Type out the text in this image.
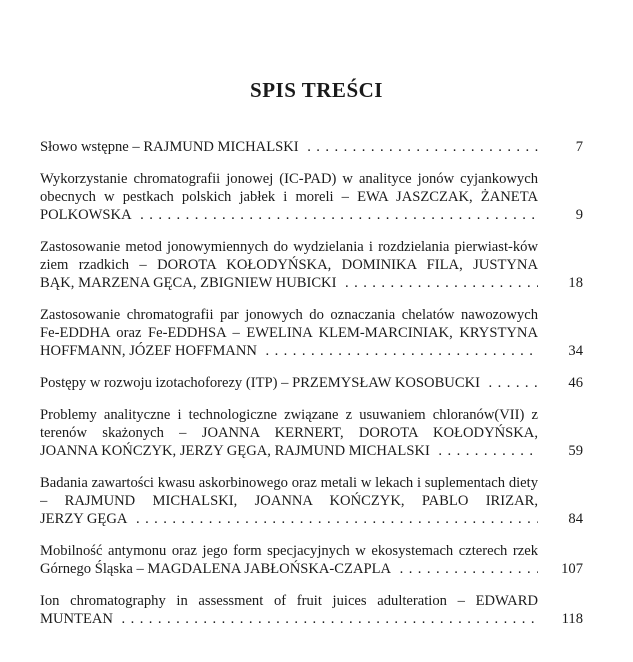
SPIS TREŚCI
Słowo wstępne – RAJMUND MICHALSKI . . .	7
Wykorzystanie chromatografii jonowej (IC-PAD) w analityce jonów cyjankowych obecnych w pestkach polskich jabłek i moreli – EWA JASZCZAK, ŻANETA
POLKOWSKA . . .	9
Zastosowanie metod jonowymiennych do wydzielania i rozdzielania pierwiast-ków ziem rzadkich – DOROTA KOŁODYŃSKA, DOMINIKA FILA, JUSTYNA
BĄK, MARZENA GĘCA, ZBIGNIEW HUBICKI . . .	18
Zastosowanie chromatografii par jonowych do oznaczania chelatów nawozowych Fe-EDDHA oraz Fe-EDDHSA – EWELINA KLEM-MARCINIAK, KRYSTYNA
HOFFMANN, JÓZEF HOFFMANN . . .	34
Postępy w rozwoju izotachoforezy (ITP) – PRZEMYSŁAW KOSOBUCKI . . .	46
Problemy analityczne i technologiczne związane z usuwaniem chloranów(VII) z terenów skażonych – JOANNA KERNERT, DOROTA KOŁODYŃSKA,
JOANNA KOŃCZYK, JERZY GĘGA, RAJMUND MICHALSKI . . .	59
Badania zawartości kwasu askorbinowego oraz metali w lekach i suplementach diety – RAJMUND MICHALSKI, JOANNA KOŃCZYK, PABLO IRIZAR,
JERZY GĘGA . . .	84
Mobilność antymonu oraz jego form specjacyjnych w ekosystemach czterech rzek
Górnego Śląska – MAGDALENA JABŁOŃSKA-CZAPLA . . .	107
Ion chromatography in assessment of fruit juices adulteration – EDWARD
MUNTEAN . . .	118
